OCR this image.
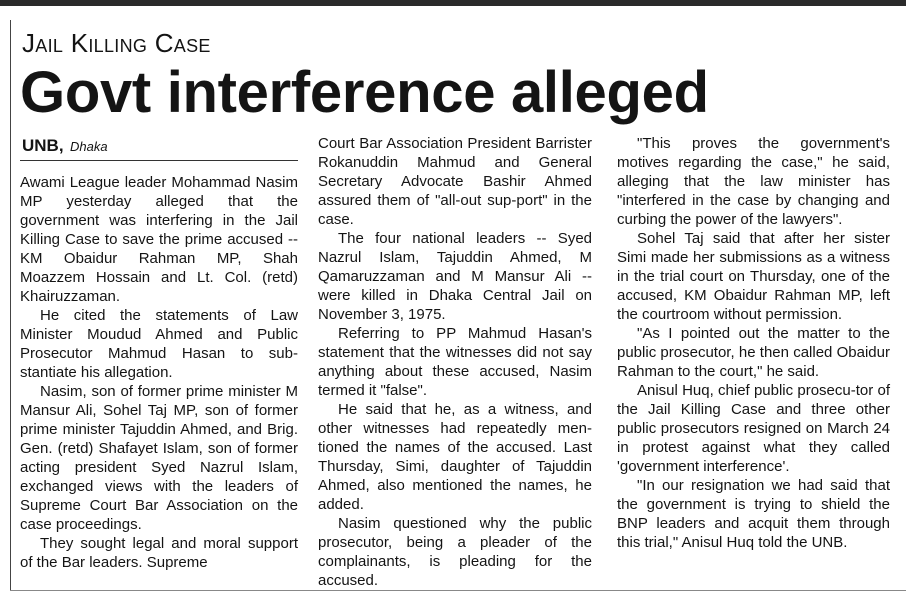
Jail Killing Case
Govt interference alleged
UNB, Dhaka

Awami League leader Mohammad Nasim MP yesterday alleged that the government was interfering in the Jail Killing Case to save the prime accused -- KM Obaidur Rahman MP, Shah Moazzem Hossain and Lt. Col. (retd) Khairuzzaman.

He cited the statements of Law Minister Moudud Ahmed and Public Prosecutor Mahmud Hasan to sub-stantiate his allegation.

Nasim, son of former prime minister M Mansur Ali, Sohel Taj MP, son of former prime minister Tajuddin Ahmed, and Brig. Gen. (retd) Shafayet Islam, son of former acting president Syed Nazrul Islam, exchanged views with the leaders of Supreme Court Bar Association on the case proceedings.

They sought legal and moral support of the Bar leaders. Supreme

Court Bar Association President Barrister Rokanuddin Mahmud and General Secretary Advocate Bashir Ahmed assured them of "all-out sup-port" in the case.

The four national leaders -- Syed Nazrul Islam, Tajuddin Ahmed, M Qamaruzzaman and M Mansur Ali -- were killed in Dhaka Central Jail on November 3, 1975.

Referring to PP Mahmud Hasan's statement that the witnesses did not say anything about these accused, Nasim termed it "false".

He said that he, as a witness, and other witnesses had repeatedly men-tioned the names of the accused. Last Thursday, Simi, daughter of Tajuddin Ahmed, also mentioned the names, he added.

Nasim questioned why the public prosecutor, being a pleader of the complainants, is pleading for the accused.

"This proves the government's motives regarding the case," he said, alleging that the law minister has "interfered in the case by changing and curbing the power of the lawyers".

Sohel Taj said that after her sister Simi made her submissions as a witness in the trial court on Thursday, one of the accused, KM Obaidur Rahman MP, left the courtroom without permission.

"As I pointed out the matter to the public prosecutor, he then called Obaidur Rahman to the court," he said.

Anisul Huq, chief public prosecu-tor of the Jail Killing Case and three other public prosecutors resigned on March 24 in protest against what they called 'government interference'.

"In our resignation we had said that the government is trying to shield the BNP leaders and acquit them through this trial," Anisul Huq told the UNB.
